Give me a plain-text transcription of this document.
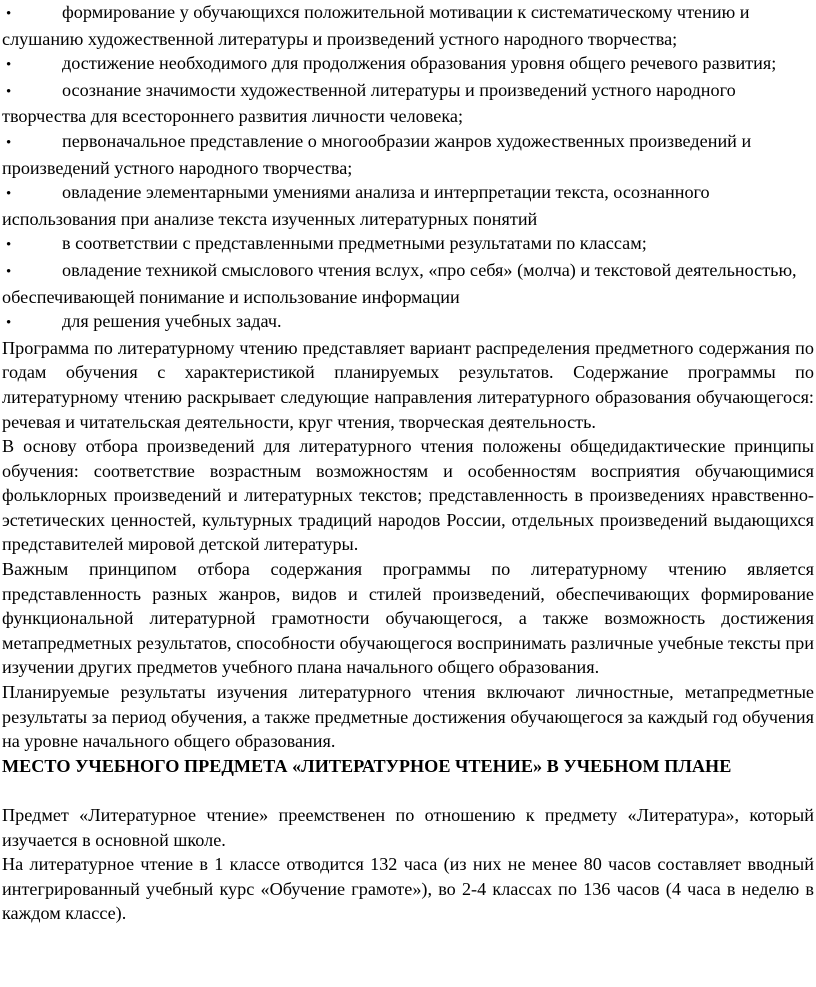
•	формирование у обучающихся положительной мотивации к систематическому чтению и слушанию художественной литературы и произведений устного народного творчества;
•	достижение необходимого для продолжения образования уровня общего речевого развития;
•	осознание значимости художественной литературы и произведений устного народного творчества для всестороннего развития личности человека;
•	первоначальное представление о многообразии жанров художественных произведений и произведений устного народного творчества;
•	овладение элементарными умениями анализа и интерпретации текста, осознанного использования при анализе текста изученных литературных понятий
•	в соответствии с представленными предметными результатами по классам;
•	овладение техникой смыслового чтения вслух, «про себя» (молча) и текстовой деятельностью, обеспечивающей понимание и использование информации
•	для решения учебных задач.

Программа по литературному чтению представляет вариант распределения предметного содержания по годам обучения с характеристикой планируемых результатов. Содержание программы по литературному чтению раскрывает следующие направления литературного образования обучающегося: речевая и читательская деятельности, круг чтения, творческая деятельность.

В основу отбора произведений для литературного чтения положены общедидактические принципы обучения: соответствие возрастным возможностям и особенностям восприятия обучающимися фольклорных произведений и литературных текстов; представленность в произведениях нравственно-эстетических ценностей, культурных традиций народов России, отдельных произведений выдающихся представителей мировой детской литературы.

Важным принципом отбора содержания программы по литературному чтению является представленность разных жанров, видов и стилей произведений, обеспечивающих формирование функциональной литературной грамотности обучающегося, а также возможность достижения метапредметных результатов, способности обучающегося воспринимать различные учебные тексты при изучении других предметов учебного плана начального общего образования.

Планируемые результаты изучения литературного чтения включают личностные, метапредметные результаты за период обучения, а также предметные достижения обучающегося за каждый год обучения на уровне начального общего образования.

МЕСТО УЧЕБНОГО ПРЕДМЕТА «ЛИТЕРАТУРНОЕ ЧТЕНИЕ» В УЧЕБНОМ ПЛАНЕ

Предмет «Литературное чтение» преемственен по отношению к предмету «Литература», который изучается в основной школе.

На литературное чтение в 1 классе отводится 132 часа (из них не менее 80 часов составляет вводный интегрированный учебный курс «Обучение грамоте»), во 2-4 классах по 136 часов (4 часа в неделю в каждом классе).
